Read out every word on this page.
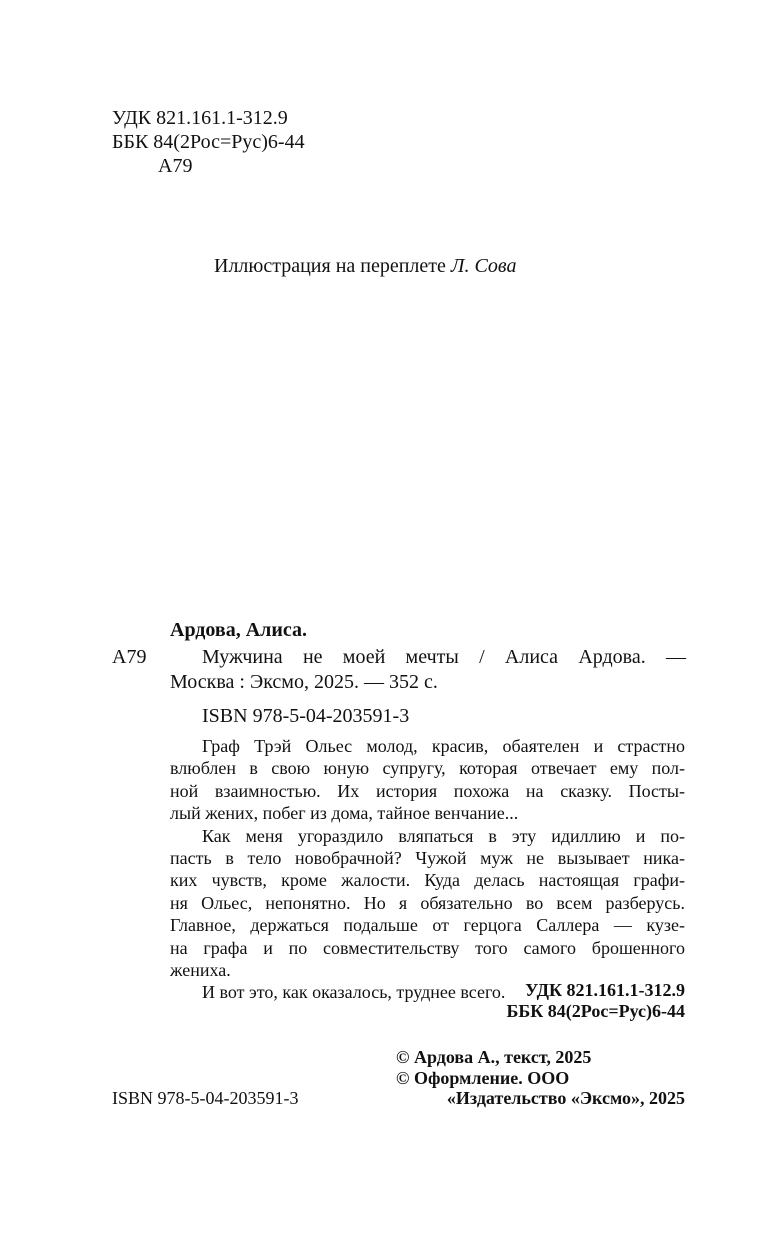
УДК 821.161.1-312.9
ББК 84(2Рос=Рус)6-44
А79
Иллюстрация на переплете Л. Сова
Ардова, Алиса.
А79	Мужчина не моей мечты / Алиса Ардова. —
Москва : Эксмо, 2025. — 352 с.
ISBN 978-5-04-203591-3
Граф Трэй Ольес молод, красив, обаятелен и страстно
влюблен в свою юную супругу, которая отвечает ему пол-
ной взаимностью. Их история похожа на сказку. Посты-
лый жених, побег из дома, тайное венчание...
Как меня угораздило вляпаться в эту идиллию и по-
пасть в тело новобрачной? Чужой муж не вызывает ника-
ких чувств, кроме жалости. Куда делась настоящая графи-
ня Ольес, непонятно. Но я обязательно во всем разберусь.
Главное, держаться подальше от герцога Саллера — кузе-
на графа и по совместительству того самого брошенного
жениха.
И вот это, как оказалось, труднее всего.	УДК 821.161.1-312.9
ББК 84(2Рос=Рус)6-44
© Ардова А., текст, 2025
© Оформление. ООО
ISBN 978-5-04-203591-3	«Издательство «Эксмо», 2025
